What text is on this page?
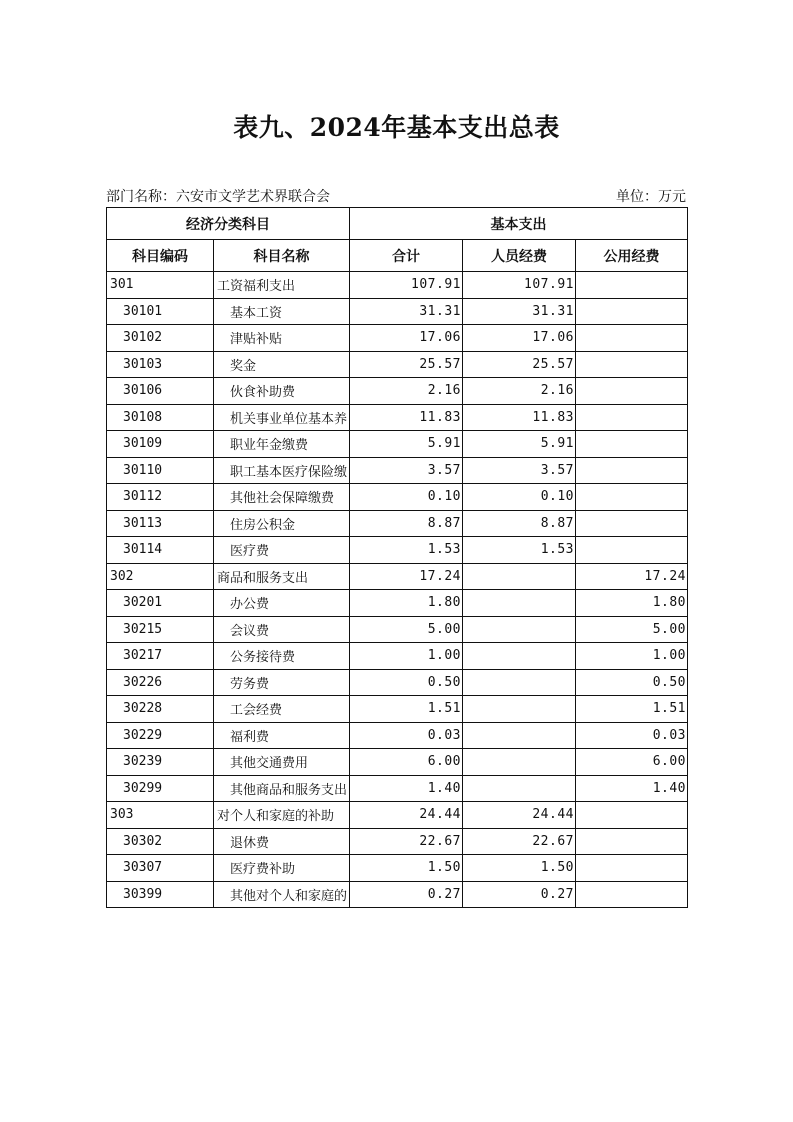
表九、2024年基本支出总表
部门名称：六安市文学艺术界联合会	单位：万元
经济分类科目		基本支出		
科目编码	科目名称	合计	人员经费	公用经费
301	工资福利支出	107.91	107.91	
30101	基本工资	31.31	31.31	
30102	津贴补贴	17.06	17.06	
30103	奖金	25.57	25.57	
30106	伙食补助费	2.16	2.16	
30108	机关事业单位基本养	11.83	11.83	
30109	职业年金缴费	5.91	5.91	
30110	职工基本医疗保险缴	3.57	3.57	
30112	其他社会保障缴费	0.10	0.10	
30113	住房公积金	8.87	8.87	
30114	医疗费	1.53	1.53	
302	商品和服务支出	17.24		17.24
30201	办公费	1.80		1.80
30215	会议费	5.00		5.00
30217	公务接待费	1.00		1.00
30226	劳务费	0.50		0.50
30228	工会经费	1.51		1.51
30229	福利费	0.03		0.03
30239	其他交通费用	6.00		6.00
30299	其他商品和服务支出	1.40		1.40
303	对个人和家庭的补助	24.44	24.44	
30302	退休费	22.67	22.67	
30307	医疗费补助	1.50	1.50	
30399	其他对个人和家庭的	0.27	0.27	
